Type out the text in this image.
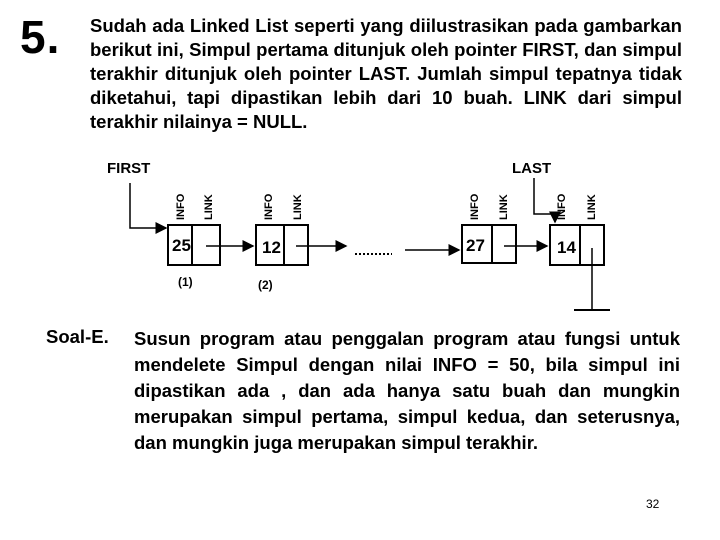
5. Sudah ada Linked List seperti yang diilustrasikan pada gambarkan berikut ini, Simpul pertama ditunjuk oleh pointer FIRST, dan simpul terakhir ditunjuk oleh pointer LAST. Jumlah simpul tepatnya tidak diketahui, tapi dipastikan lebih dari 10 buah. LINK dari simpul terakhir nilainya = NULL.
FIRST	LAST
INFO LINK
25
(1)
INFO LINK
12
(2)
INFO LINK
27
INFO LINK
14
Soal-E. Susun program atau penggalan program atau fungsi untuk mendelete Simpul dengan nilai INFO = 50, bila simpul ini dipastikan ada , dan ada hanya satu buah dan mungkin merupakan simpul pertama, simpul kedua, dan seterusnya, dan mungkin juga merupakan simpul terakhir.
32
